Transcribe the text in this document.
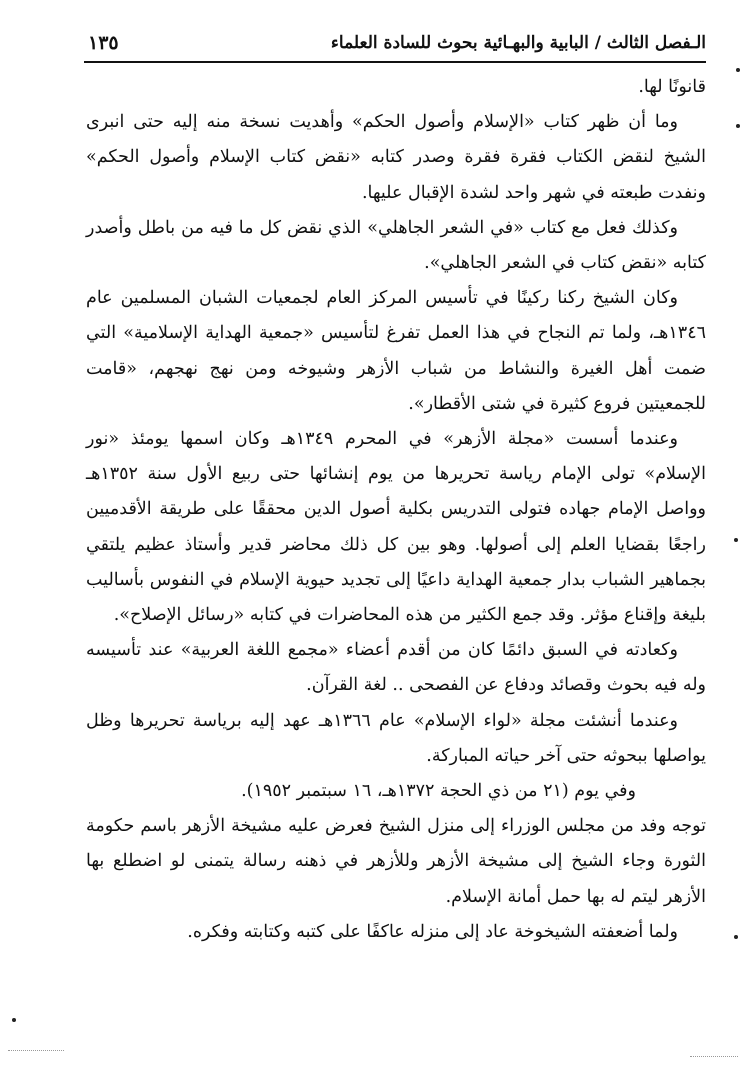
الـفصل الثالث / البابية والبهـائية بحوث للسادة العلماء
١٣٥

قانونًا لها.

وما أن ظهر كتاب «الإسلام وأصول الحكم» وأهديت نسخة منه إليه حتى انبرى الشيخ لنقض الكتاب فقرة فقرة وصدر كتابه «نقض كتاب الإسلام وأصول الحكم» ونفدت طبعته في شهر واحد لشدة الإقبال عليها.

وكذلك فعل مع كتاب «في الشعر الجاهلي» الذي نقض كل ما فيه من باطل وأصدر كتابه «نقض كتاب في الشعر الجاهلي».

وكان الشيخ ركنا ركينًا في تأسيس المركز العام لجمعيات الشبان المسلمين عام ١٣٤٦هـ، ولما تم النجاح في هذا العمل تفرغ لتأسيس «جمعية الهداية الإسلامية» التي ضمت أهل الغيرة والنشاط من شباب الأزهر وشيوخه ومن نهج نهجهم، «قامت للجمعيتين فروع كثيرة في شتى الأقطار».

وعندما أسست «مجلة الأزهر» في المحرم ١٣٤٩هـ وكان اسمها يومئذ «نور الإسلام» تولى الإمام رياسة تحريرها من يوم إنشائها حتى ربيع الأول سنة ١٣٥٢هـ وواصل الإمام جهاده فتولى التدريس بكلية أصول الدين محققًا على طريقة الأقدميين راجعًا بقضايا العلم إلى أصولها. وهو بين كل ذلك محاضر قدير وأستاذ عظيم يلتقي بجماهير الشباب بدار جمعية الهداية داعيًا إلى تجديد حيوية الإسلام في النفوس بأساليب بليغة وإقناع مؤثر. وقد جمع الكثير من هذه المحاضرات في كتابه «رسائل الإصلاح».

وكعادته في السبق دائمًا كان من أقدم أعضاء «مجمع اللغة العربية» عند تأسيسه وله فيه بحوث وقصائد ودفاع عن الفصحى .. لغة القرآن.

وعندما أنشئت مجلة «لواء الإسلام» عام ١٣٦٦هـ عهد إليه برياسة تحريرها وظل يواصلها ببحوثه حتى آخر حياته المباركة.

وفي يوم (٢١ من ذي الحجة ١٣٧٢هـ، ١٦ سبتمبر ١٩٥٢).

توجه وفد من مجلس الوزراء إلى منزل الشيخ فعرض عليه مشيخة الأزهر باسم حكومة الثورة وجاء الشيخ إلى مشيخة الأزهر وللأزهر في ذهنه رسالة يتمنى لو اضطلع بها الأزهر ليتم له بها حمل أمانة الإسلام.

ولما أضعفته الشيخوخة عاد إلى منزله عاكفًا على كتبه وكتابته وفكره.
